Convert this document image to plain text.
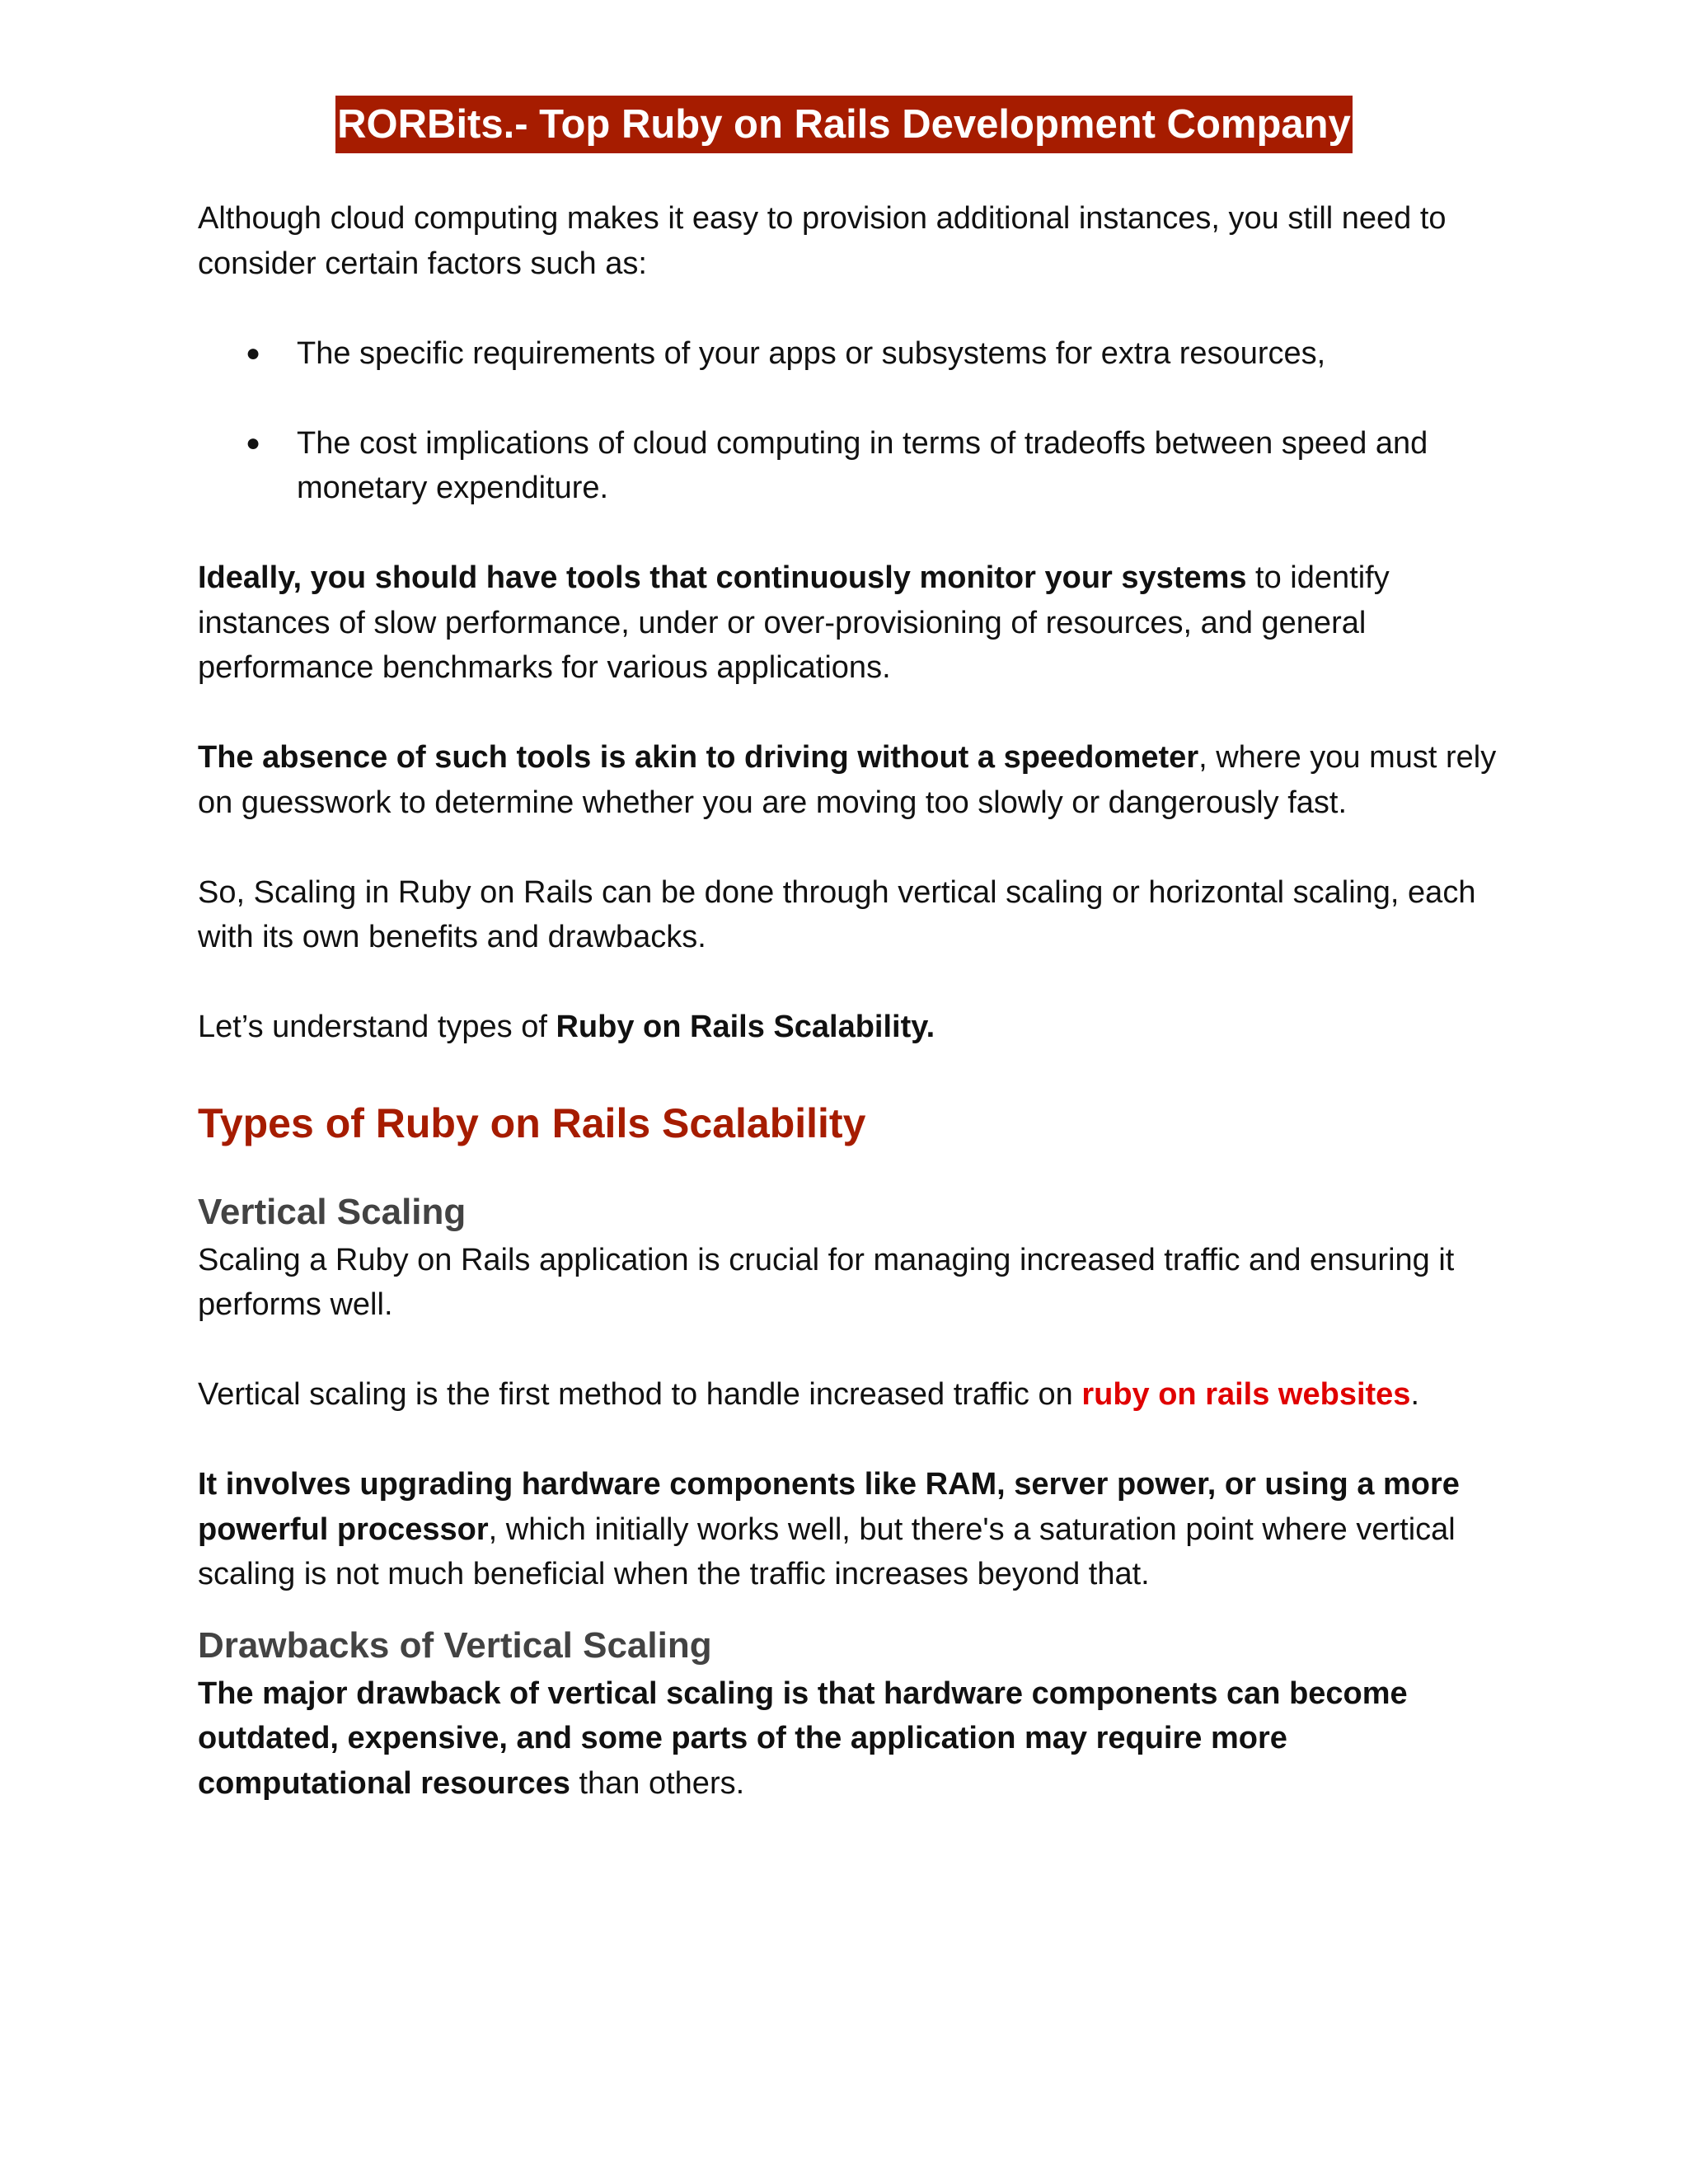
RORBits.- Top Ruby on Rails Development Company

Although cloud computing makes it easy to provision additional instances, you still need to consider certain factors such as:

● The specific requirements of your apps or subsystems for extra resources,
● The cost implications of cloud computing in terms of tradeoffs between speed and monetary expenditure.

Ideally, you should have tools that continuously monitor your systems to identify instances of slow performance, under or over-provisioning of resources, and general performance benchmarks for various applications.

The absence of such tools is akin to driving without a speedometer, where you must rely on guesswork to determine whether you are moving too slowly or dangerously fast.

So, Scaling in Ruby on Rails can be done through vertical scaling or horizontal scaling, each with its own benefits and drawbacks.

Let’s understand types of Ruby on Rails Scalability.

Types of Ruby on Rails Scalability
Vertical Scaling

Scaling a Ruby on Rails application is crucial for managing increased traffic and ensuring it performs well.

Vertical scaling is the first method to handle increased traffic on ruby on rails websites.

It involves upgrading hardware components like RAM, server power, or using a more powerful processor, which initially works well, but there's a saturation point where vertical scaling is not much beneficial when the traffic increases beyond that.

Drawbacks of Vertical Scaling

The major drawback of vertical scaling is that hardware components can become outdated, expensive, and some parts of the application may require more computational resources than others.
